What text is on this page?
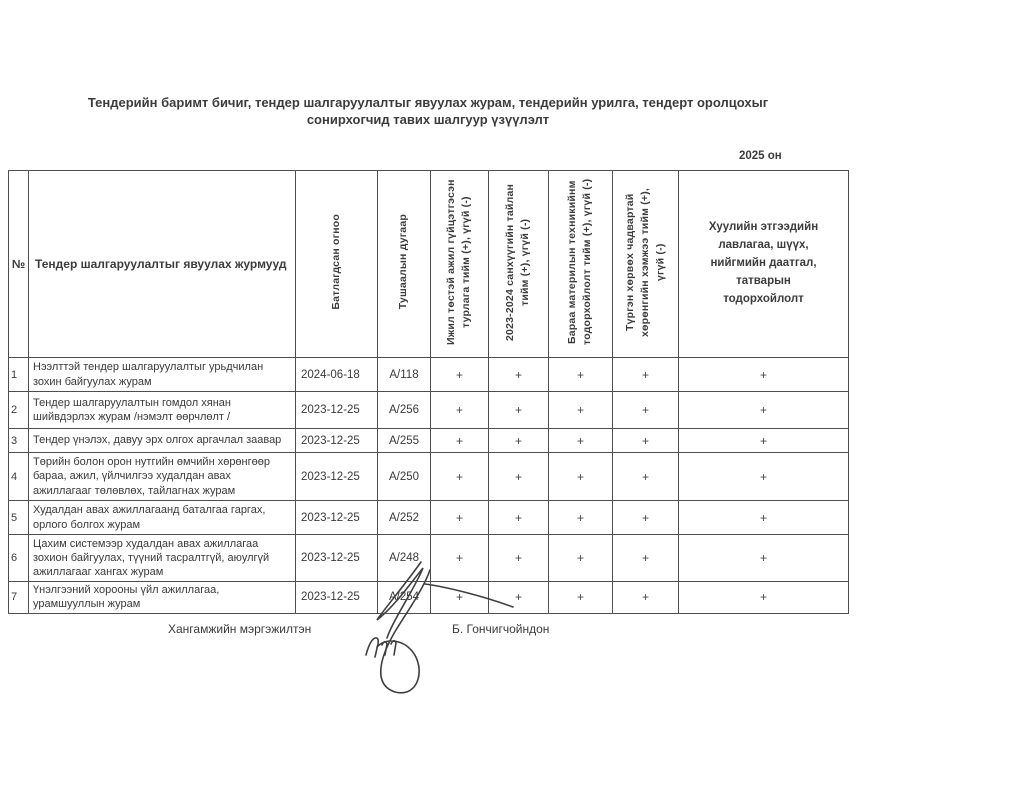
Тендерийн баримт бичиг, тендер шалгаруулалтыг явуулах журам, тендерийн урилга, тендерт оролцохыг
сонирхогчид тавих шалгуур үзүүлэлт
2025 он
№	Тендер шалгаруулалтыг явуулах журмууд	Батлагдсан огноо	Тушаалын дугаар	Ижил төстэй ажил гүйцэтгэсэн турлага тийм (+), үгүй (-)	2023-2024 санхүүгийн тайлан тийм (+), үгүй (-)	Бараа материлын техникийнм тодорхойлолт тийм (+), үгүй (-)	Түргэн хөрвөх чадвартай хөрөнгийн хэмжээ тийм (+), үгүй (-)	Хуулийн этгээдийн лавлагаа, шүүх, нийгмийн даатгал, татварын тодорхойлолт
1	Нээлттэй тендер шалгаруулалтыг урьдчилан зохин байгуулах журам	2024-06-18	А/118	+	+	+	+	+
2	Тендер шалгаруулалтын гомдол хянан шийвдэрлэх журам /нэмэлт өөрчлөлт /	2023-12-25	А/256	+	+	+	+	+
3	Тендер үнэлэх, давуу эрх олгох аргачлал заавар	2023-12-25	А/255	+	+	+	+	+
4	Төрийн болон орон нутгийн өмчийн хөрөнгөөр бараа, ажил, үйлчилгээ худалдан авах ажиллагааг төлөвлөх, тайлагнах журам	2023-12-25	А/250	+	+	+	+	+
5	Худалдан авах ажиллагаанд баталгаа гаргах, орлого болгох журам	2023-12-25	А/252	+	+	+	+	+
6	Цахим системээр худалдан авах ажиллагаа зохион байгуулах, түүний тасралтгүй, аюулгүй ажиллагааг хангах журам	2023-12-25	А/248	+	+	+	+	+
7	Үнэлгээний хорооны үйл ажиллагаа, урамшууллын журам	2023-12-25	А/254	+	+	+	+	+
Хангамжийн мэргэжилтэн	Б. Гончигчойндон
